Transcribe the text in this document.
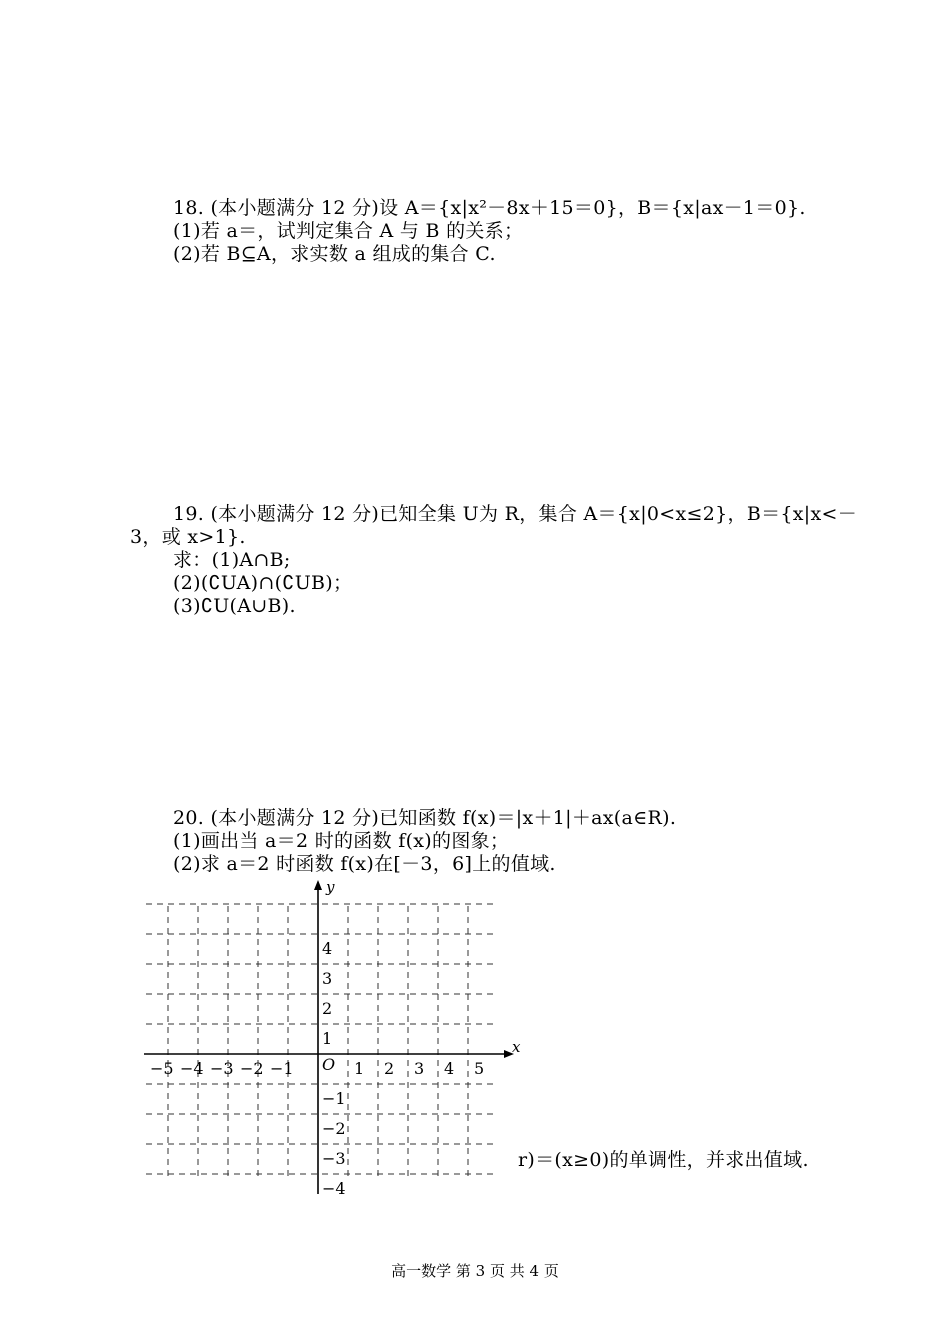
18. (本小题满分 12 分)设 A＝{x|x²－8x＋15＝0}，B＝{x|ax－1＝0}.
(1)若 a＝，试判定集合 A 与 B 的关系；
(2)若 B⊆A，求实数 a 组成的集合 C.
19. (本小题满分 12 分)已知全集 U为 R，集合 A＝{x|0<x≤2}，B＝{x|x<－
3，或 x>1}.
求：(1)A∩B;
(2)(∁UA)∩(∁UB)；
(3)∁U(A∪B).
20. (本小题满分 12 分)已知函数 f(x)＝|x＋1|＋ax(a∈R).
(1)画出当 a＝2 时的函数 f(x)的图象；
(2)求 a＝2 时函数 f(x)在[－3，6]上的值域.
x
y
O
−5 −4 −3 −2 −1	1 2 3 4 5
4
3
2
1
−1
−2
−3
−4
r)＝(x≥0)的单调性，并求出值域.
高一数学 第 3 页 共 4 页
